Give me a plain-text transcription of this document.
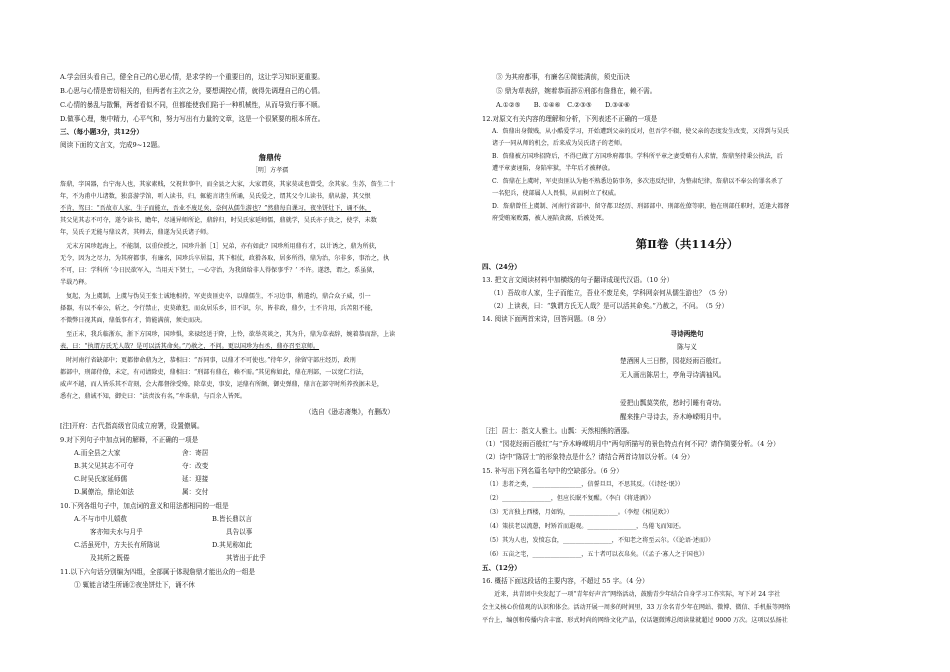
A.学会回头看自己，健全自己的心思心情，是求学的一个重要目的，这让学习知识更重要。
B.心思与心情是密切相关的，但两者有主次之分，要想调控心情，就得先调理自己的心情。
C.心情的暴乱与散懈，两者看似不同，但都能使我们陷于一种机械性，从而导致行事不顺。
D.做事心理，集中精力，心平气和，努力写出有力量的文章，这是一个很紧要的根本所在。
三、（每小题3分，共12分）
阅读下面的文言文，完成9~12题。
詹鼎传
［明］方孝孺
詹鼎，字国器，台宁海人也，其家素贱，父祝世事中，而全县之大家，大家谓莫，其家莫或也曾受，余其家。生苏，詹生二十
年，不为甫中儿诸数，独喜游学馆，听人读书，归，辄能言诸生所诵，吴氏爱之，谓其父令儿读书，鼎从游，其父恨
不肯，驾曰：“吾故市人家，生子而能立，吾业不废足矣，奈何从儒生游也？”然鼎每自课习，夜坐饼灶下，诵不休，
其父见其志不可夺，遂令读书，瞻年，尽通异师所论，鼎辞归，时吴氏家延师儒，鼎就学，吴氏亦子贵之，使学，未数
年，吴氏子无能与鼎议者，其师去，鼎遂为吴氏诸子师。
　元末方国珍起海上，不能制，以重位授之，国珍升浙［1］兄弟，亦有如此？国珍所用鼎有才，以计诱之，鼎为所获，
无令，因为之尽力，为其府都事，有廉名，国珍兵卒居温，其下相仗，政猾各取，居多所得，鼎为治，尔非多，事治之，执
不可，曰：学科所 ‘今日民欲军入，当用天下贤士，一心守治，为我留给非人得保事乎？’ 不许。遂怨，谓之，系虽狱，
半载乃释。
　复起，为上虞制，上虞与伪吴王张士诚地相持，军吏贵匪吏卒，以鼎儒生，不习边事，稍遣约，鼎合众子威，引一
择器，有以不奉公，斩之，令行禁止，吏莫敢犯，而众居乐乡，旧不识，尔，皆非政，鼎少，士不肯用，兵苦阻不能，
不微弊日视其面，鼎低事有才，简能满前，须史而决。
　至正末，我兵临浙东，浙下方国珍，国珍惧，来禄经送于降，上怜，欲举英谈之，其为升，鼎为草表辞，婉着恭而辞，上读
表，曰：“执谓方氏无人哉？是可以活其命矣。”乃赦之，不问。更以国珍为右丞，鼎亦召至京师。
　时河南行省缺部中；更都俸命鼎为之，恭相曰：“吾同事，以鼎才不可使也。”待年夕，徐留守部庄经历，政刑
都部中，刑部侍僚，未定，有司请除吏，鼎相曰：“刑部有鼎在，赖不需。”其见称如此，鼎在刑部，一以宽仁行法，
威声不越，而人皆乐其不苛刻，会大都督徐受赂，除草吏，事发，运鼎有所颇，御史弹鼎，鼎言在部守时所养孜据未是，
悉有之，鼎诚不知，御史曰：“法责汝有名，”牟诛鼎，与百余人皆死。
（选自《逊志斋集》，有删改）
[注]开府：古代指高级官员成立府署，设置僚属。
9.对下列句子中加点词的解释，不正确的一项是
A.而全县之大家	舍：寄居
B.其父见其志不可夺	夺：改变
C.时吴氏家延师儒	延：迎接
D.属僚治，鼎论如法	属：交付
10.下列各组句子中，加点词的意义和用法都相同的一组是
A.不与市中儿嬉敖	B.皆长鼎以言
客亦知夫水与月乎	具告以事
C.活虽死中，方夫长有所陈说	D.其见称如此
及其所之既倦	其皆出于此乎
11.以下六句话分别编为四组，全部属于体现詹鼎才能出众的一组是
① 辄能言诸生所诵②夜坐饼灶下，诵不休
③ 为其府都事，有廉名④简能满前，须史而决
⑤ 鼎为草表辞，婉着恭而辞⑥刑部有詹鼎在，赖不需。
A.①②⑤　　B. ①④⑥　C.②③⑤　　D.③④⑥
12.对原文有关内容的理解和分析，下列表述不正确的一项是
A．詹鼎出身微贱，从小酷爱学习，开始遭到父亲的反对，但吾学不辍，使父亲的态度发生改变，又得到与吴氏
诸子一同从师的机会，后来成为吴氏诸子的老师。
B．詹鼎被方国珍招降后，不得已做了方国珍府都事。学科所平章之妻受贿有人求情，詹鼎坚持秉公执法，后
遭平章妻诬陷，身陷牢狱，半年后才被释放。
C．詹鼎在上虞时，军吏贵匪认为他不熟悉边防事务，多次违反纪律，为整肃纪律，詹鼎以不奉公的罪名杀了
一名犯兵，使部属人人畏惧，从而树立了权威。
D．詹鼎曾任上虞制、河南行省部中、留守都卫经历、刑部部中、刑部佐僚等职，他在刑部任职时，适逢大都督
府受贿案败露，被人诬陷贪腐，后被处死。
第Ⅱ卷（共114分）
四、（24分）
13. 把文言文阅读材料中加横线的句子翻译成现代汉语。（10 分）
（1）吾故市人家，生子而能立，吾业不废足矣，学科网奈何从儒生游也？（5 分）
（2）上读表，曰：“孰谓方氏无人哉？是可以活其命矣。”乃赦之，不问。　（5 分）
14. 阅读下面两首宋诗，回答问题。（8 分）
寻诗两绝句
陈与义
楚酒困人三日醉，园花经雨百般红。
无人画出陈居士，亭角寻诗满袖风。
爱把山瓢莫笑侬，愁时引睡有奇功。
醒来推户寻诗去，乔木峥嵘明月中。
［注］居士：指文人雅士。山瓢：天然相熊的酒器。
（1）“园花经雨百般红”与“乔木峥嵘明月中”两句所描写的景色特点有何不同？请作简要分析。（4 分）
（2）诗中“陈居士”的形象特点是什么？请结合两首诗加以分析。（4 分）
15. 补写出下列名篇名句中的空缺部分。（6 分）
（1）悲者之类，________________，信誓旦旦，不思其反。（《诗经·氓》）
（2）________________，但应长眠不复醒。（李白《将进酒》）
（3）无言独上西楼，月如钩，________________。（李煜《相见欢》）
（4）策扶老以流憩，时矫首而遐观。________________，鸟倦飞而知还。
（5）其为人也，发愤忘食，________________，不知老之将至云尔。（《论语·述而》）
（6）五亩之宅，________________，五十者可以衣帛矣。（《孟子·寡人之于国也》）
五、（12分）
16. 概括下面这段话的主要内容，不超过 55 字。（4 分）
　　近来，共青团中央发起了一项“青年好声音”网络活动，鼓励青少年结合自身学习工作实际，写下对 24 字社
会主义核心价值观的认识和体会。活动开展一周多的时间里，33 万余名青少年在网站、微博、微信、手机报等网络
平台上，编创和传播内含丰富、形式时尚的网络文化产品，仅话题微博总阅读量就超过 9000 万次。这项以弘扬社
